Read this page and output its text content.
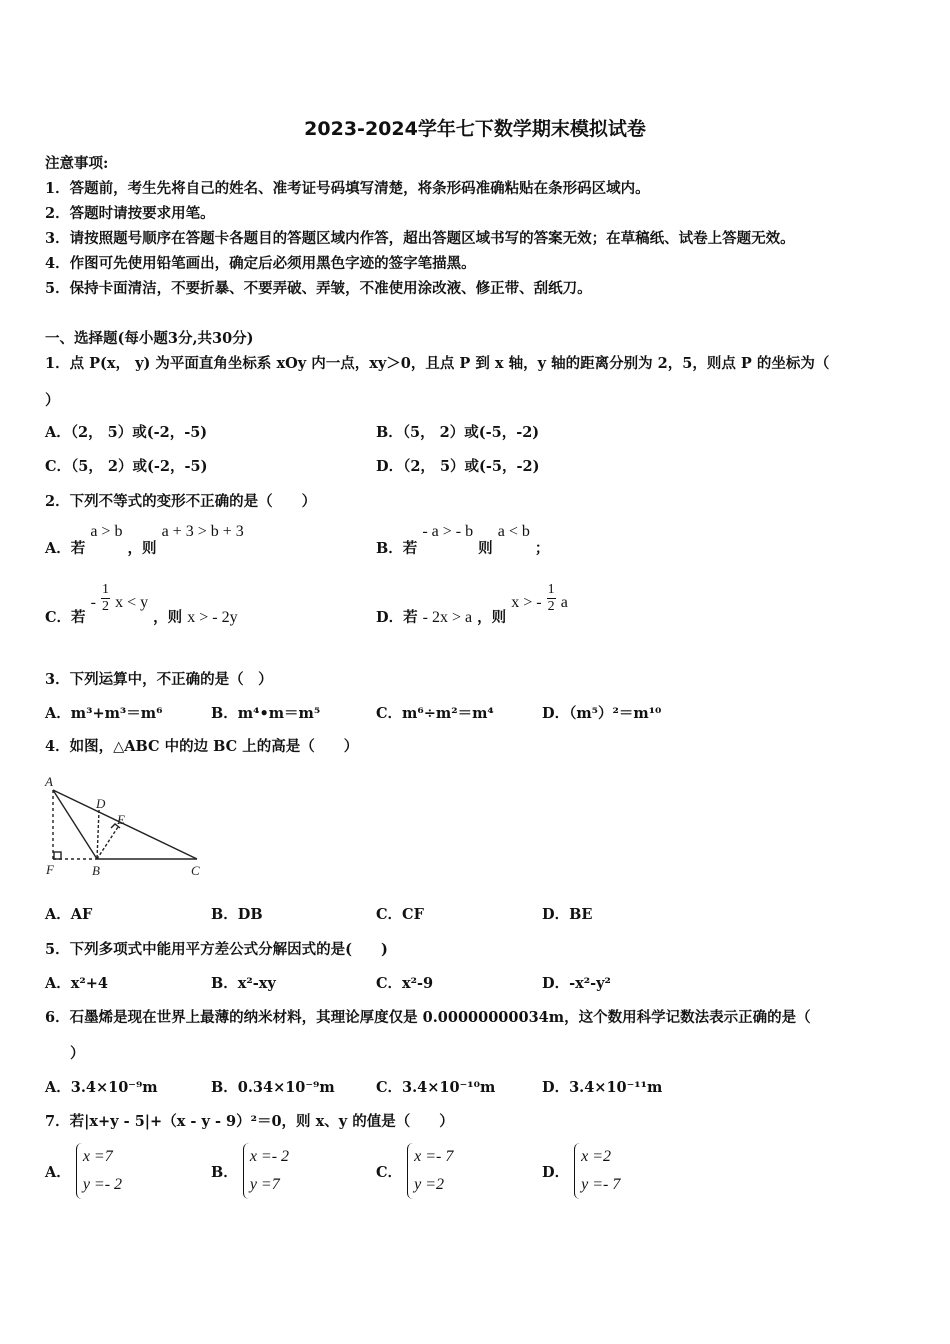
2023-2024学年七下数学期末模拟试卷
注意事项:
1．答题前，考生先将自己的姓名、准考证号码填写清楚，将条形码准确粘贴在条形码区域内。
2．答题时请按要求用笔。
3．请按照题号顺序在答题卡各题目的答题区域内作答，超出答题区域书写的答案无效；在草稿纸、试卷上答题无效。
4．作图可先使用铅笔画出，确定后必须用黑色字迹的签字笔描黑。
5．保持卡面清洁，不要折暴、不要弄破、弄皱，不准使用涂改液、修正带、刮纸刀。
一、选择题(每小题3分,共30分)
1．点 P(x， y) 为平面直角坐标系 xOy 内一点，xy＞0，且点 P 到 x 轴，y 轴的距离分别为 2，5，则点 P 的坐标为（
）
A．（2， 5）或(-2，-5)	B．（5， 2）或(-5，-2)
C．（5， 2）或(-2，-5)	D．（2， 5）或(-5，-2)
2．下列不等式的变形不正确的是（　　）
A．若 a > b ，则 a + 3 > b + 3
B．若 - a > - b 则 a < b ；
C．若 - $\frac{1}{2}$ x < y ，则 x > - 2y	D．若 - 2x > a ，则 x > - $\frac{1}{2}$ a
3．下列运算中，不正确的是（　）
A．m³+m³＝m⁶	B．m⁴•m＝m⁵	C．m⁶÷m²＝m⁴	D．（m⁵）²＝m¹⁰
4．如图，△ABC 中的边 BC 上的高是（　　）
A
D
E
F	B	C
A．AF	B．DB	C．CF	D．BE
5．下列多项式中能用平方差公式分解因式的是(　　)
A．x²+4	B．x²-xy	C．x²-9	D．-x²-y²
6．石墨烯是现在世界上最薄的纳米材料，其理论厚度仅是 0.00000000034m，这个数用科学记数法表示正确的是（
）
A．3.4×10⁻⁹m	B．0.34×10⁻⁹m	C．3.4×10⁻¹⁰m	D．3.4×10⁻¹¹m
7．若|x+y - 5|+（x - y - 9）²＝0，则 x、y 的值是（　　）
A．
x =7
y =- 2
B．
x =- 2
y =7
C．
x =- 7
y =2
D．
x =2
y =- 7
